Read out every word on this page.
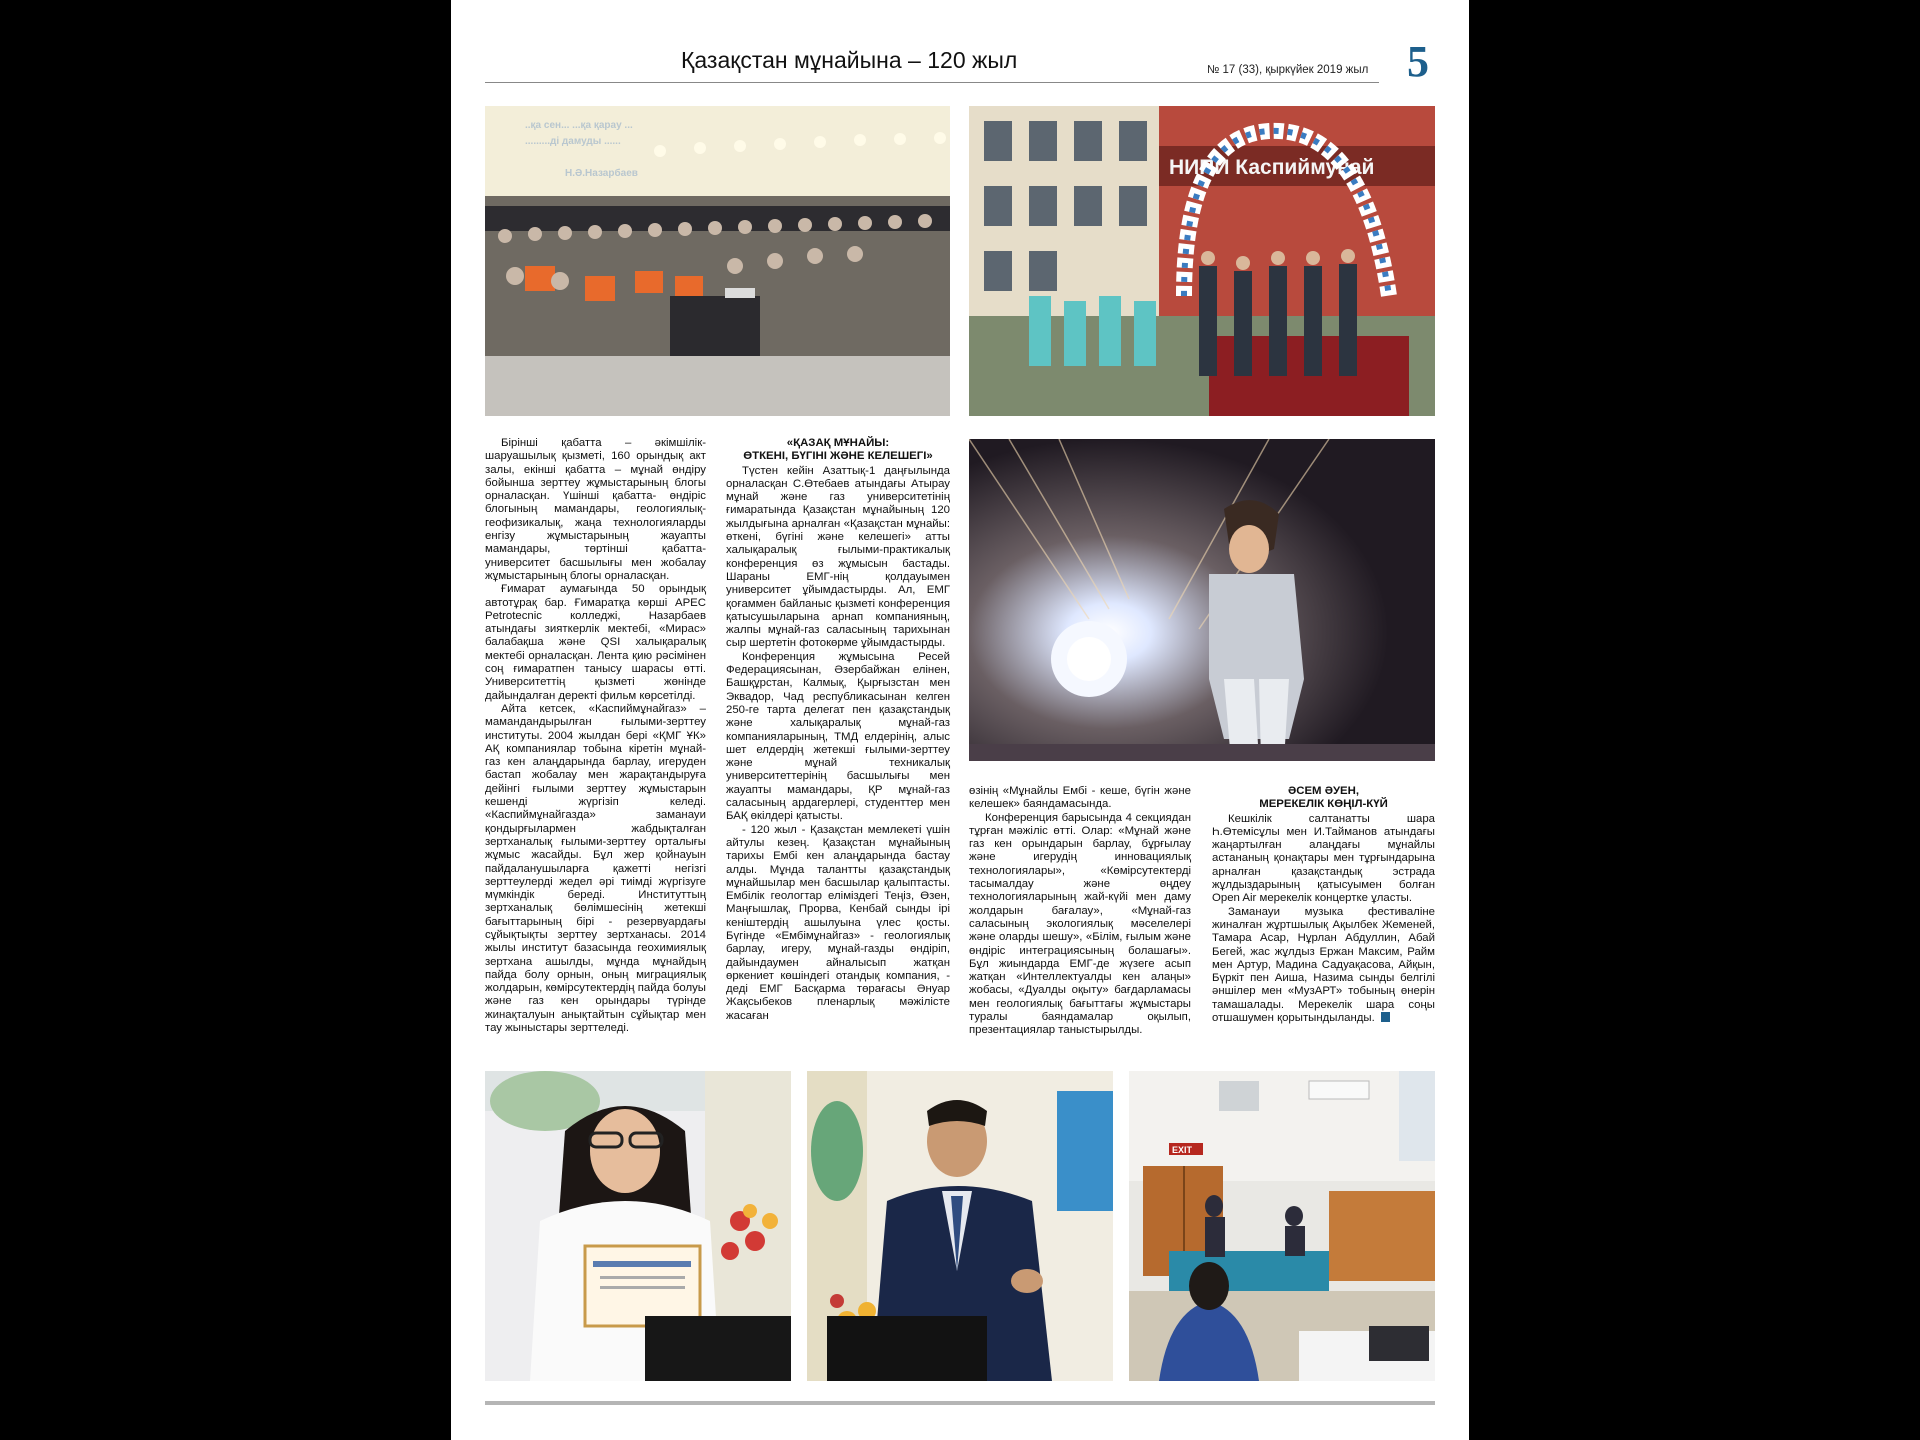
Қазақстан мұнайына – 120 жыл	№ 17 (33), қыркүйек 2019 жыл 5
..қа сен... ...қа қарау ...
.........ді дамуды ......
Н.Ә.Назарбаев	НИПИ Каспиймунай

Бірінші қабатта – әкімшілік-шаруашылық қызметі, 160 орындық акт залы, екінші қабатта – мұнай өндіру бойынша зерттеу жұмыстарының блогы орналасқан. Үшінші қабатта- өндіріс блогының мамандары, геологиялық-геофизикалық, жаңа технологияларды енгізу жұмыстарының жауапты мамандары, төртінші қабатта- университет басшылығы мен жобалау жұмыстарының блогы орналасқан.

Ғимарат аумағында 50 орындық автотұрақ бар. Ғимаратқа көрші APEC Petrotecnic колледжі, Назарбаев атындағы зияткерлік мектебі, «Мирас» балабақша және QSI халықаралық мектебі орналасқан. Лента қию рәсімінен соң ғимаратпен танысу шарасы өтті. Университеттің қызметі жөнінде дайындалған деректі фильм көрсетілді.

Айта кетсек, «Каспиймұнайгаз» – мамандандырылған ғылыми-зерттеу институты. 2004 жылдан бері «ҚМГ ҰК» АҚ компаниялар тобына кіретін мұнай-газ кен алаңдарында барлау, игеруден бастап жобалау мен жарақтандыруға дейінгі ғылыми зерттеу жұмыстарын кешенді жүргізіп келеді. «Каспиймұнайгазда» заманауи қондырғылармен жабдықталған зертханалық ғылыми-зерттеу орталығы жұмыс жасайды. Бұл жер қойнауын пайдаланушыларға қажетті негізгі зерттеулерді жедел әрі тиімді жүргізуге мүмкіндік береді. Институттың зертханалық бөлімшесінің жетекші бағыттарының бірі - резервуардағы сұйықтықты зерттеу зертханасы. 2014 жылы институт базасында геохимиялық зертхана ашылды, мұнда мұнайдың пайда болу орнын, оның миграциялық жолдарын, көмірсутектердің пайда болуы және газ кен орындары түрінде жинақталуын анықтайтын сұйықтар мен тау жыныстары зерттеледі.

«ҚАЗАҚ МҰНАЙЫ:
ӨТКЕНІ, БҮГІНІ ЖӘНЕ КЕЛЕШЕГІ»

Түстен кейін Азаттық-1 даңғылында орналасқан С.Өтебаев атындағы Атырау мұнай және газ университетінің ғимаратында Қазақстан мұнайының 120 жылдығына арналған «Қазақстан мұнайы: өткені, бүгіні және келешегі» атты халықаралық ғылыми-практикалық конференция өз жұмысын бастады. Шараны ЕМГ-нің қолдауымен университет ұйымдастырды. Ал, ЕМГ қоғаммен байланыс қызметі конференция қатысушыларына арнап компанияның, жалпы мұнай-газ саласының тарихынан сыр шертетін фотокөрме ұйымдастырды.

Конференция жұмысына Ресей Федерациясынан, Әзербайжан елінен, Башқұрстан, Калмық, Қырғызстан мен Эквадор, Чад республикасынан келген 250-ге тарта делегат пен қазақстандық және халықаралық мұнай-газ компанияларының, ТМД елдерінің, алыс шет елдердің жетекші ғылыми-зерттеу және мұнай техникалық университеттерінің басшылығы мен жауапты мамандары, ҚР мұнай-газ саласының ардагерлері, студенттер мен БАҚ өкілдері қатысты.

- 120 жыл - Қазақстан мемлекеті үшін айтулы кезең. Қазақстан мұнайының тарихы Ембі кен алаңдарында бастау алды. Мұнда талантты қазақстандық мұнайшылар мен басшылар қалыптасты. Ембілік геологтар еліміздегі Теңіз, Өзен, Маңғышлақ, Прорва, Кенбай сынды ірі кеніштердің ашылуына үлес қосты. Бүгінде «Ембімұнайгаз» - геологиялық барлау, игеру, мұнай-газды өндіріп, дайындаумен айналысып жатқан өркениет көшіндегі отандық компания, - деді ЕМГ Басқарма төрағасы Әнуар Жақсыбеков пленарлық мәжілісте жасаған

өзінің «Мұнайлы Ембі - кеше, бүгін және келешек» баяндамасында.

Конференция барысында 4 секциядан тұрған мәжіліс өтті. Олар: «Мұнай және газ кен орындарын барлау, бұрғылау және игерудің инновациялық технологиялары», «Көмірсутектерді тасымалдау және өңдеу технологияларының жай-күйі мен даму жолдарын бағалау», «Мұнай-газ саласының экологиялық мәселелері және оларды шешу», «Білім, ғылым және өндіріс интеграциясының болашағы». Бұл жиындарда ЕМГ-де жүзеге асып жатқан «Интеллектуалды кен алаңы» жобасы, «Дуалды оқыту» бағдарламасы мен геологиялық бағыттағы жұмыстары туралы баяндамалар оқылып, презентациялар таныстырылды.

ӘСЕМ ӘУЕН,
МЕРЕКЕЛІК КӨҢІЛ-КҮЙ

Кешкілік салтанатты шара Һ.Өтемісұлы мен И.Тайманов атындағы жаңартылған алаңдағы мұнайлы астананың қонақтары мен тұрғындарына арналған қазақстандық эстрада жұлдыздарының қатысуымен болған Open Air мерекелік концертке ұласты.

Заманауи музыка фестиваліне жиналған жұртшылық Ақылбек Жеменей, Тамара Асар, Нұрлан Абдуллин, Абай Бегей, жас жұлдыз Ержан Максим, Райм мен Артур, Мадина Садуақасова, Айқын, Бүркіт пен Аиша, Назима сынды белгілі әншілер мен «МузАРТ» тобының өнерін тамашалады. Мерекелік шара соңы отшашумен қорытындыланды.

EXIT
